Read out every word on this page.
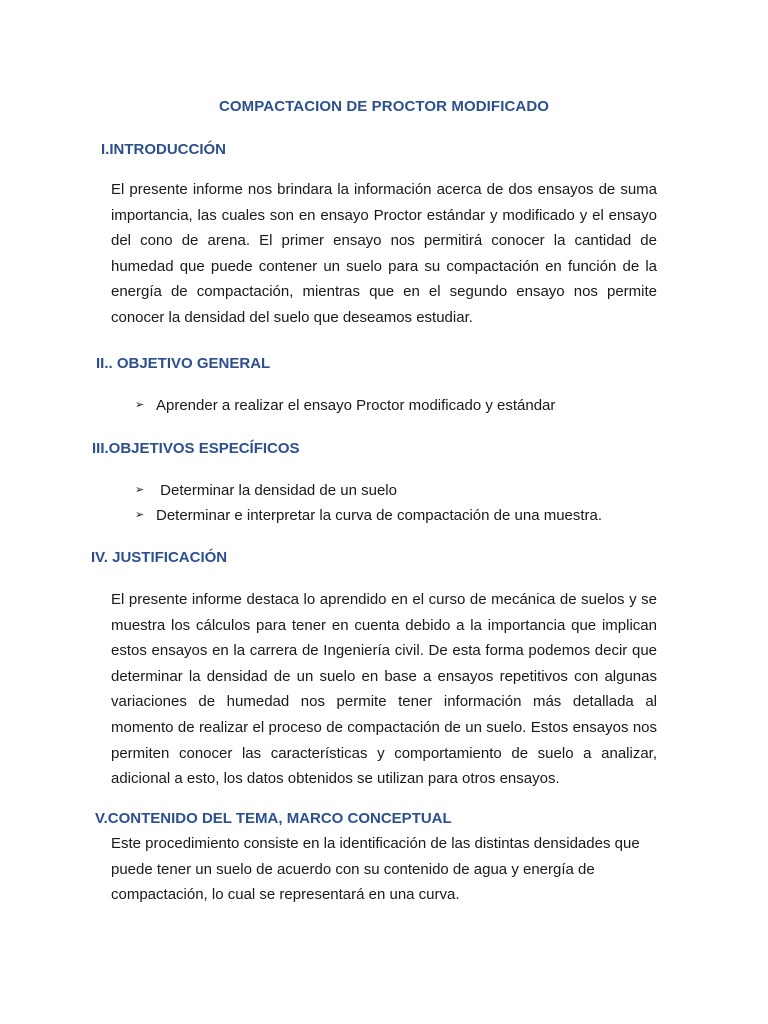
COMPACTACION DE PROCTOR MODIFICADO
I.INTRODUCCIÓN

El presente informe nos brindara la información acerca de dos ensayos de suma importancia, las cuales son en ensayo Proctor estándar y modificado y el ensayo del cono de arena. El primer ensayo nos permitirá conocer la cantidad de humedad que puede contener un suelo para su compactación en función de la energía de compactación, mientras que en el segundo ensayo nos permite conocer la densidad del suelo que deseamos estudiar.

II.. OBJETIVO GENERAL
➢ Aprender a realizar el ensayo Proctor modificado y estándar
III.OBJETIVOS ESPECÍFICOS
➢ Determinar la densidad de un suelo
➢ Determinar e interpretar la curva de compactación de una muestra.
IV. JUSTIFICACIÓN

El presente informe destaca lo aprendido en el curso de mecánica de suelos y se muestra los cálculos para tener en cuenta debido a la importancia que implican estos ensayos en la carrera de Ingeniería civil. De esta forma podemos decir que determinar la densidad de un suelo en base a ensayos repetitivos con algunas variaciones de humedad nos permite tener información más detallada al momento de realizar el proceso de compactación de un suelo. Estos ensayos nos permiten conocer las características y comportamiento de suelo a analizar, adicional a esto, los datos obtenidos se utilizan para otros ensayos.

V.CONTENIDO DEL TEMA, MARCO CONCEPTUAL

Este procedimiento consiste en la identificación de las distintas densidades que puede tener un suelo de acuerdo con su contenido de agua y energía de compactación, lo cual se representará en una curva.
